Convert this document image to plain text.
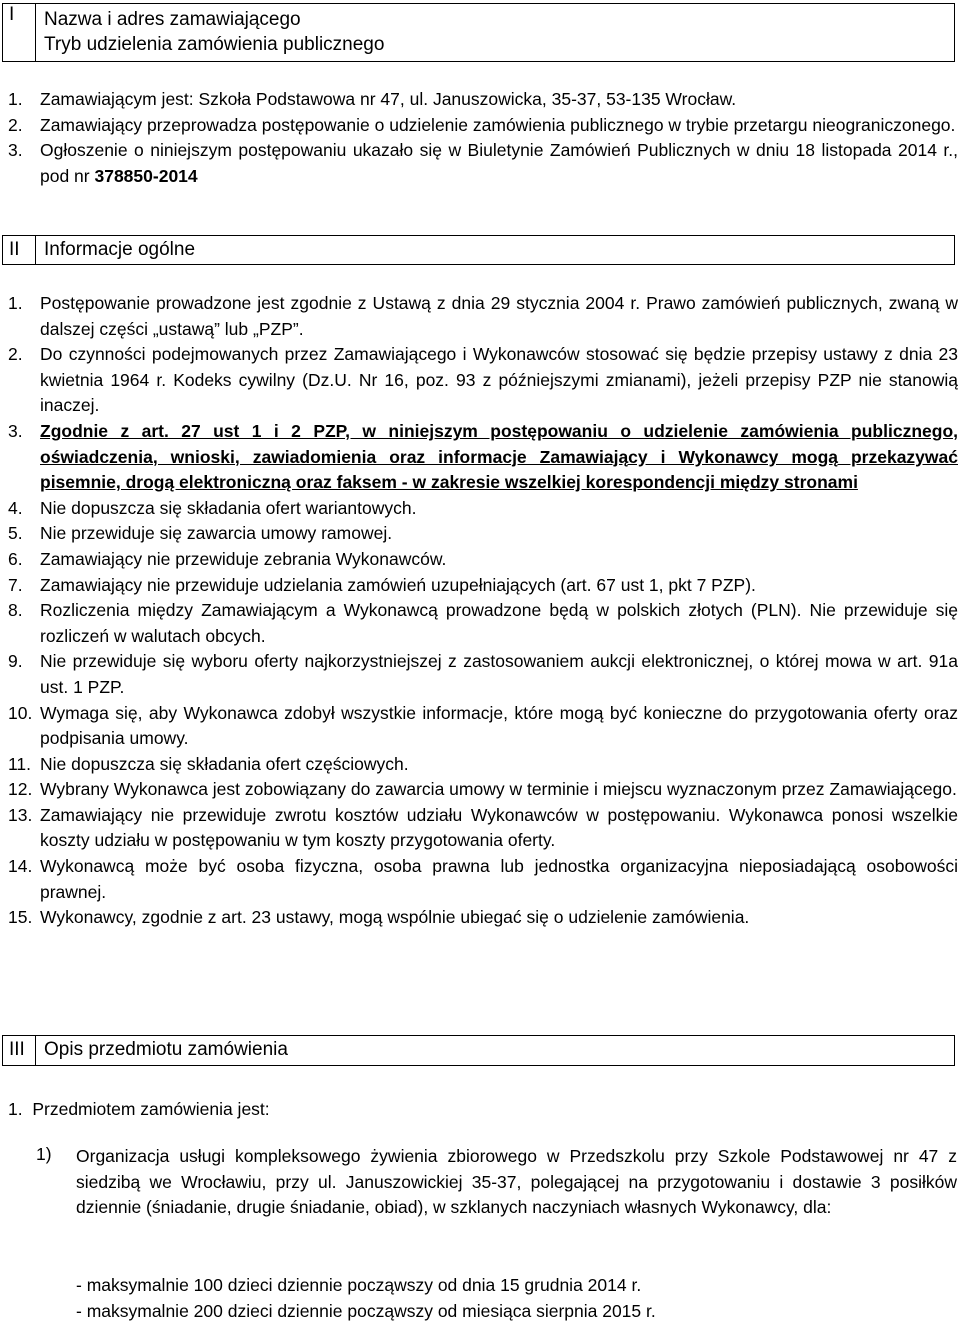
I	Nazwa i adres zamawiającego
Tryb udzielenia zamówienia publicznego
1. Zamawiającym jest: Szkoła Podstawowa nr 47, ul. Januszowicka, 35-37, 53-135 Wrocław.
2. Zamawiający przeprowadza postępowanie o udzielenie zamówienia publicznego w trybie przetargu nieograniczonego.
3. Ogłoszenie o niniejszym postępowaniu ukazało się w Biuletynie Zamówień Publicznych w dniu 18 listopada 2014 r., pod nr 378850-2014
II	Informacje ogólne
1. Postępowanie prowadzone jest zgodnie z Ustawą z dnia 29 stycznia 2004 r. Prawo zamówień publicznych, zwaną w dalszej części „ustawą” lub „PZP”.
2. Do czynności podejmowanych przez Zamawiającego i Wykonawców stosować się będzie przepisy ustawy z dnia 23 kwietnia 1964 r. Kodeks cywilny (Dz.U. Nr 16, poz. 93 z późniejszymi zmianami), jeżeli przepisy PZP nie stanowią inaczej.
3. Zgodnie z art. 27 ust 1 i 2 PZP, w niniejszym postępowaniu o udzielenie zamówienia publicznego, oświadczenia, wnioski, zawiadomienia oraz informacje Zamawiający i Wykonawcy mogą przekazywać pisemnie, drogą elektroniczną oraz faksem - w zakresie wszelkiej korespondencji między stronami
4. Nie dopuszcza się składania ofert wariantowych.
5. Nie przewiduje się zawarcia umowy ramowej.
6. Zamawiający nie przewiduje zebrania Wykonawców.
7. Zamawiający nie przewiduje udzielania zamówień uzupełniających (art. 67 ust 1, pkt 7 PZP).
8. Rozliczenia między Zamawiającym a Wykonawcą prowadzone będą w polskich złotych (PLN). Nie przewiduje się rozliczeń w walutach obcych.
9. Nie przewiduje się wyboru oferty najkorzystniejszej z zastosowaniem aukcji elektronicznej, o której mowa w art. 91a ust. 1 PZP.
10. Wymaga się, aby Wykonawca zdobył wszystkie informacje, które mogą być konieczne do przygotowania oferty oraz podpisania umowy.
11. Nie dopuszcza się składania ofert częściowych.
12. Wybrany Wykonawca jest zobowiązany do zawarcia umowy w terminie i miejscu wyznaczonym przez Zamawiającego.
13. Zamawiający nie przewiduje zwrotu kosztów udziału Wykonawców w postępowaniu. Wykonawca ponosi wszelkie koszty udziału w postępowaniu w tym koszty przygotowania oferty.
14. Wykonawcą może być osoba fizyczna, osoba prawna lub jednostka organizacyjna nieposiadającą osobowości prawnej.
15. Wykonawcy, zgodnie z art. 23 ustawy, mogą wspólnie ubiegać się o udzielenie zamówienia.
III	Opis przedmiotu zamówienia
1. Przedmiotem zamówienia jest:
1) Organizacja usługi kompleksowego żywienia zbiorowego w Przedszkolu przy Szkole Podstawowej nr 47 z siedzibą we Wrocławiu, przy ul. Januszowickiej 35-37, polegającej na przygotowaniu i dostawie 3 posiłków dziennie (śniadanie, drugie śniadanie, obiad), w szklanych naczyniach własnych Wykonawcy, dla:
- maksymalnie 100 dzieci dziennie począwszy od dnia 15 grudnia 2014 r.
- maksymalnie 200 dzieci dziennie począwszy od miesiąca sierpnia 2015 r.
